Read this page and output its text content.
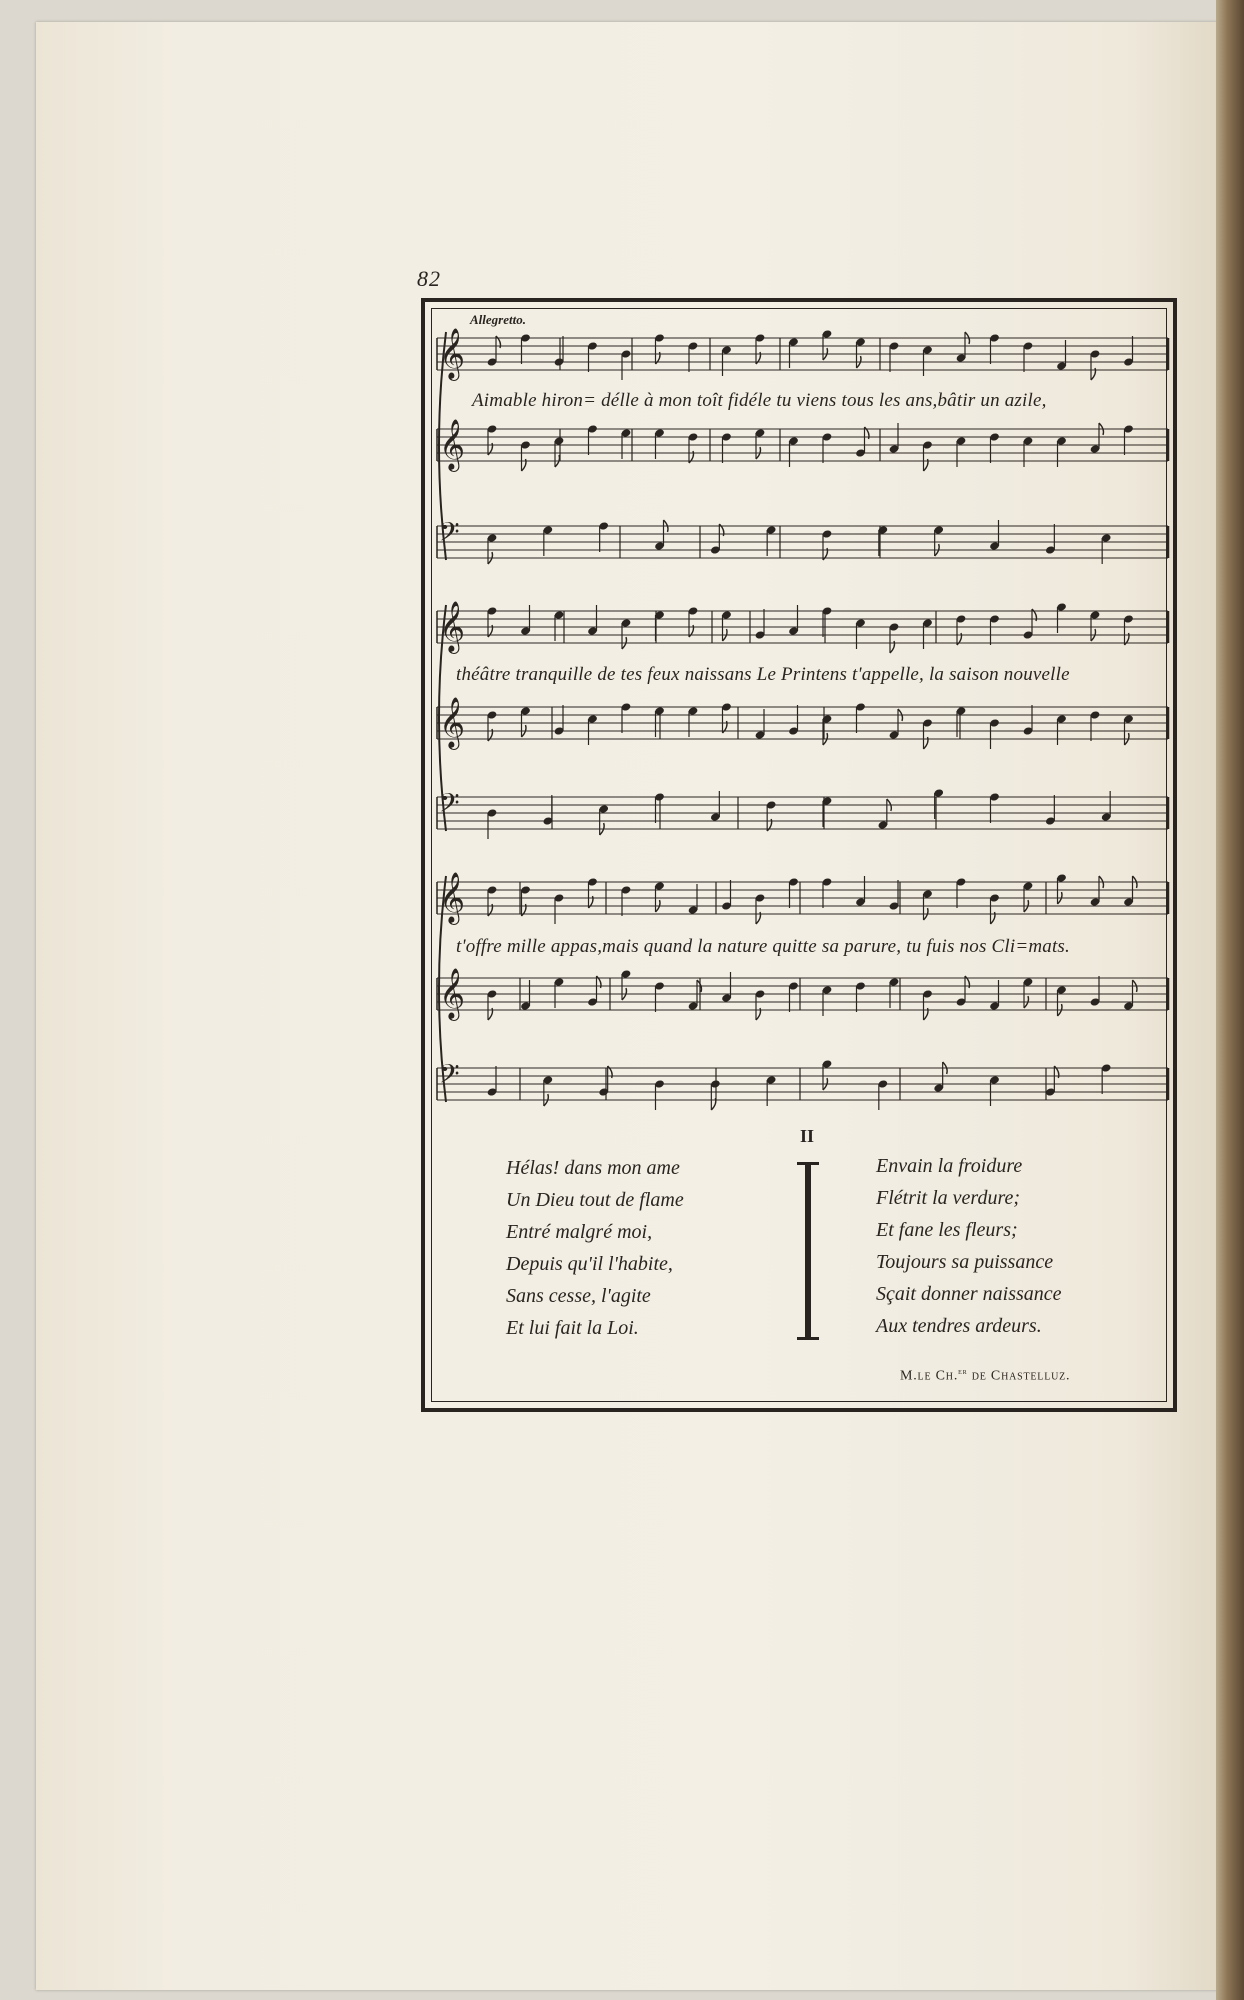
82
Allegretto.
𝄞
𝄞
𝄢
𝄞
𝄞
𝄢
𝄞
𝄞
𝄢
Aimable hiron= délle à mon toît fidéle tu viens tous les ans,bâtir un azile,
théâtre tranquille de tes feux naissans Le Printens t'appelle, la saison nouvelle
t'offre mille appas,mais quand la nature quitte sa parure, tu fuis nos Cli=mats.
II
Hélas! dans mon ame
Un Dieu tout de flame
Entré malgré moi,
Depuis qu'il l'habite,
Sans cesse, l'agite
Et lui fait la Loi.
Envain la froidure
Flétrit la verdure;
Et fane les fleurs;
Toujours sa puissance
Sçait donner naissance
Aux tendres ardeurs.
M.le Ch.$^{er}$ de Chastelluz.
